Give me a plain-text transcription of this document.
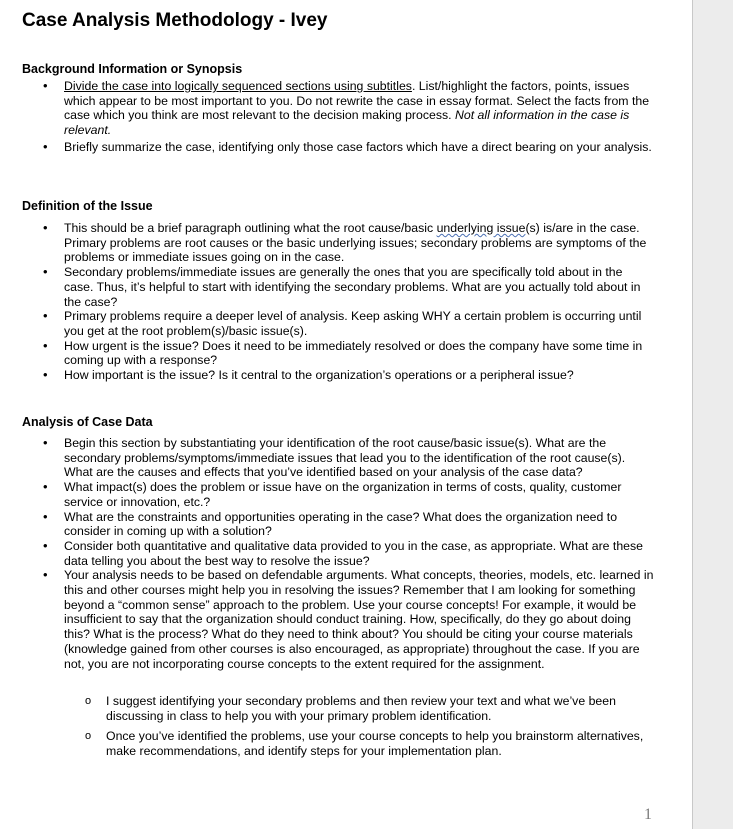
Case Analysis Methodology - Ivey
Background Information or Synopsis
• Divide the case into logically sequenced sections using subtitles. List/highlight the factors, points, issues which appear to be most important to you. Do not rewrite the case in essay format. Select the facts from the case which you think are most relevant to the decision making process. Not all information in the case is relevant.
• Briefly summarize the case, identifying only those case factors which have a direct bearing on your analysis.
Definition of the Issue
• This should be a brief paragraph outlining what the root cause/basic underlying issue(s) is/are in the case. Primary problems are root causes or the basic underlying issues; secondary problems are symptoms of the problems or immediate issues going on in the case.
• Secondary problems/immediate issues are generally the ones that you are specifically told about in the case. Thus, it’s helpful to start with identifying the secondary problems. What are you actually told about in the case?
• Primary problems require a deeper level of analysis. Keep asking WHY a certain problem is occurring until you get at the root problem(s)/basic issue(s).
• How urgent is the issue? Does it need to be immediately resolved or does the company have some time in coming up with a response?
• How important is the issue? Is it central to the organization’s operations or a peripheral issue?
Analysis of Case Data
• Begin this section by substantiating your identification of the root cause/basic issue(s). What are the secondary problems/symptoms/immediate issues that lead you to the identification of the root cause(s). What are the causes and effects that you’ve identified based on your analysis of the case data?
• What impact(s) does the problem or issue have on the organization in terms of costs, quality, customer service or innovation, etc.?
• What are the constraints and opportunities operating in the case? What does the organization need to consider in coming up with a solution?
• Consider both quantitative and qualitative data provided to you in the case, as appropriate. What are these data telling you about the best way to resolve the issue?
• Your analysis needs to be based on defendable arguments. What concepts, theories, models, etc. learned in this and other courses might help you in resolving the issues? Remember that I am looking for something beyond a “common sense” approach to the problem. Use your course concepts! For example, it would be insufficient to say that the organization should conduct training. How, specifically, do they go about doing this? What is the process? What do they need to think about? You should be citing your course materials (knowledge gained from other courses is also encouraged, as appropriate) throughout the case. If you are not, you are not incorporating course concepts to the extent required for the assignment.
o I suggest identifying your secondary problems and then review your text and what we’ve been discussing in class to help you with your primary problem identification.
o Once you’ve identified the problems, use your course concepts to help you brainstorm alternatives, make recommendations, and identify steps for your implementation plan.
1
